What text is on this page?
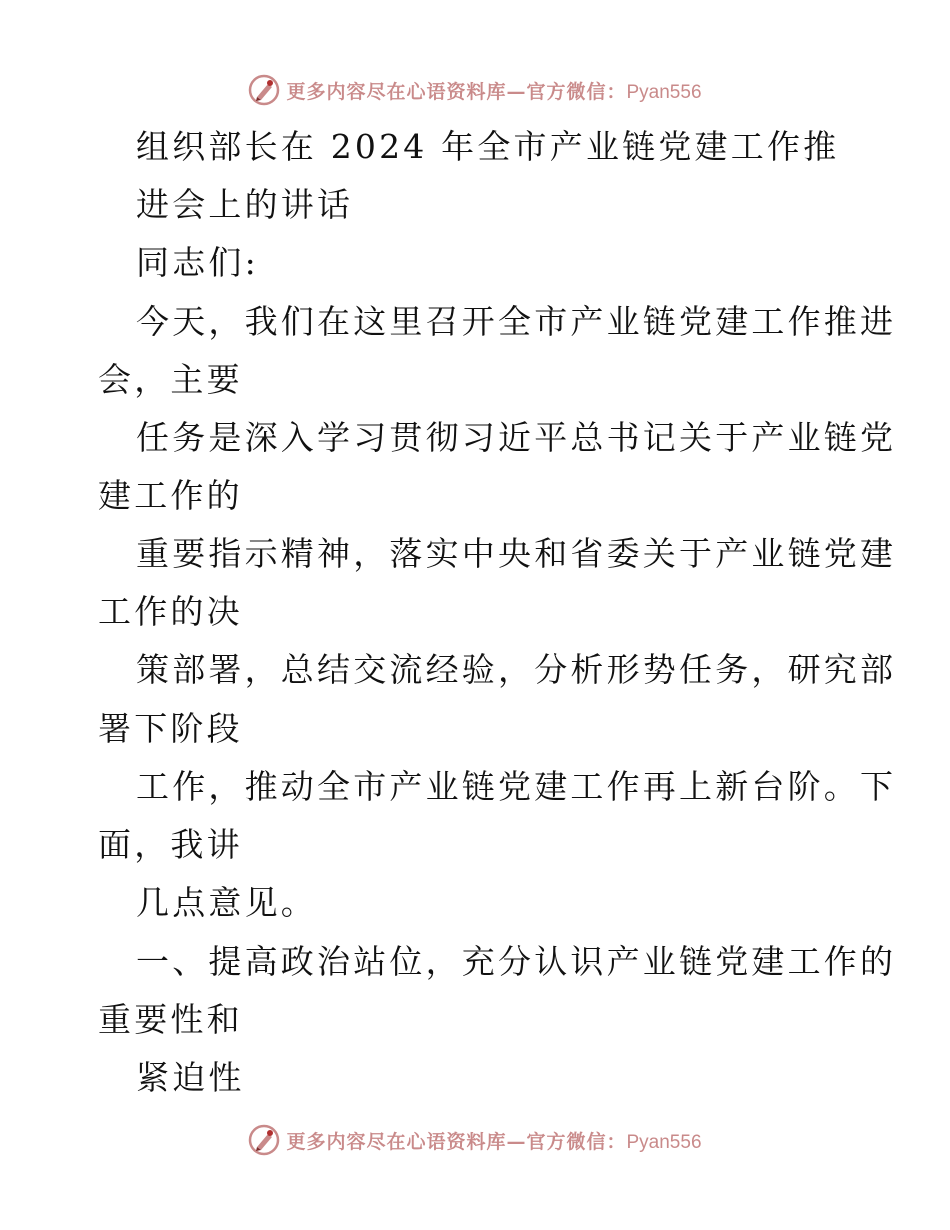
更多内容尽在心语资料库—官方微信：Pyan556
组织部长在 2024 年全市产业链党建工作推
进会上的讲话
同志们:
今天，我们在这里召开全市产业链党建工作推进
会，主要
任务是深入学习贯彻习近平总书记关于产业链党
建工作的
重要指示精神，落实中央和省委关于产业链党建
工作的决
策部署，总结交流经验，分析形势任务，研究部
署下阶段
工作，推动全市产业链党建工作再上新台阶。下
面，我讲
几点意见。
一、提高政治站位，充分认识产业链党建工作的
重要性和
紧迫性
更多内容尽在心语资料库—官方微信：Pyan556
